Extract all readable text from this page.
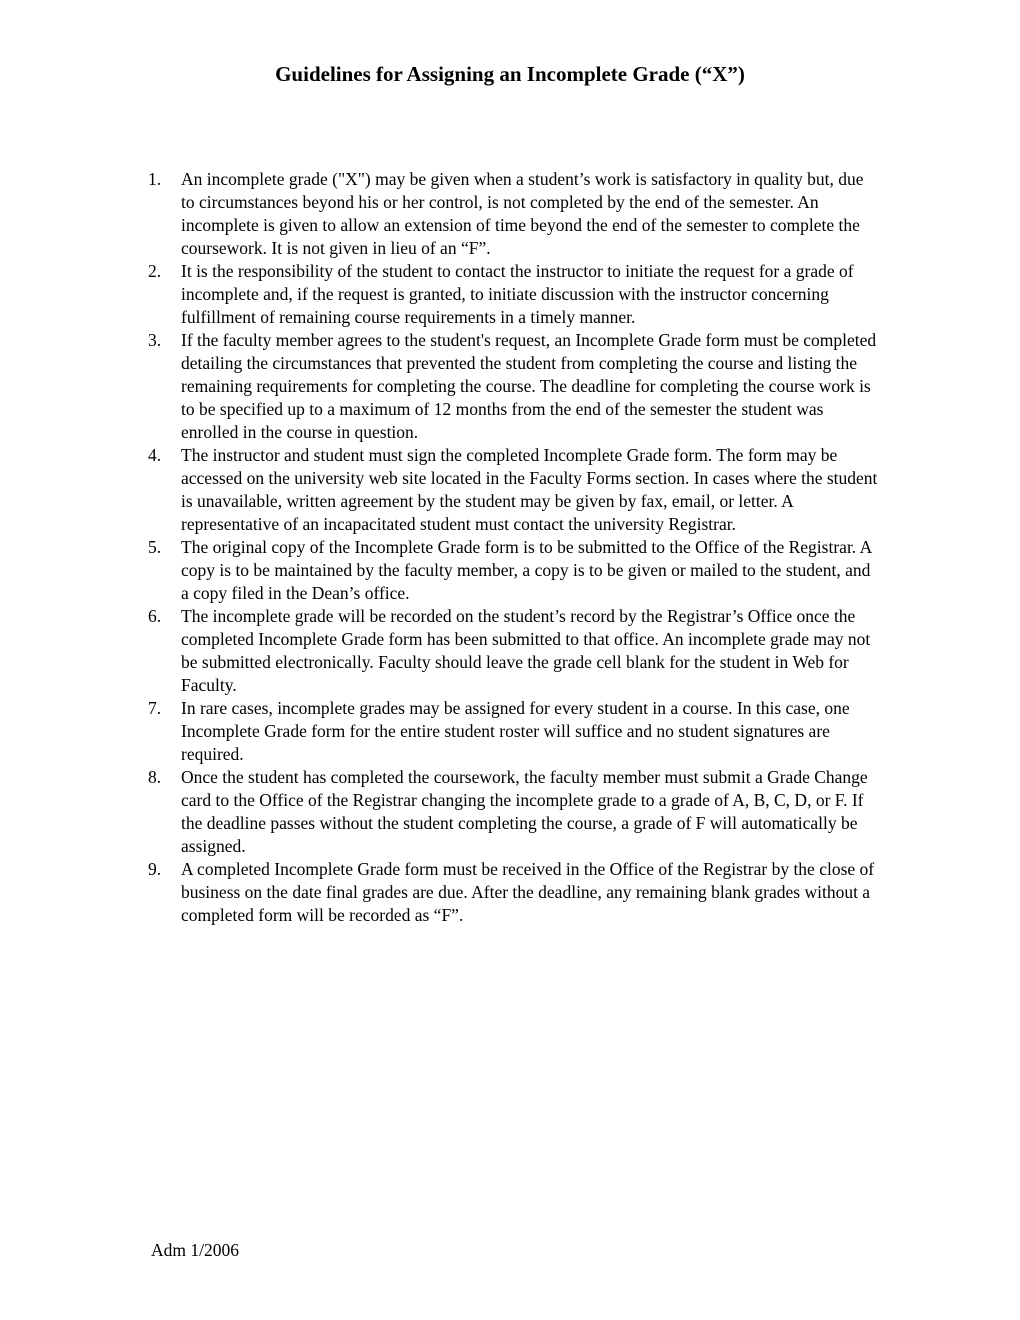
Guidelines for Assigning an Incomplete Grade (“X”)
1.	An incomplete grade ("X") may be given when a student’s work is satisfactory in quality but, due to circumstances beyond his or her control, is not completed by the end of the semester. An incomplete is given to allow an extension of time beyond the end of the semester to complete the coursework. It is not given in lieu of an “F”.
2.	It is the responsibility of the student to contact the instructor to initiate the request for a grade of incomplete and, if the request is granted, to initiate discussion with the instructor concerning fulfillment of remaining course requirements in a timely manner.
3.	If the faculty member agrees to the student's request, an Incomplete Grade form must be completed detailing the circumstances that prevented the student from completing the course and listing the remaining requirements for completing the course. The deadline for completing the course work is to be specified up to a maximum of 12 months from the end of the semester the student was enrolled in the course in question.
4.	The instructor and student must sign the completed Incomplete Grade form. The form may be accessed on the university web site located in the Faculty Forms section. In cases where the student is unavailable, written agreement by the student may be given by fax, email, or letter. A representative of an incapacitated student must contact the university Registrar.
5.	The original copy of the Incomplete Grade form is to be submitted to the Office of the Registrar. A copy is to be maintained by the faculty member, a copy is to be given or mailed to the student, and a copy filed in the Dean’s office.
6.	The incomplete grade will be recorded on the student’s record by the Registrar’s Office once the completed Incomplete Grade form has been submitted to that office. An incomplete grade may not be submitted electronically. Faculty should leave the grade cell blank for the student in Web for Faculty.
7.	In rare cases, incomplete grades may be assigned for every student in a course. In this case, one Incomplete Grade form for the entire student roster will suffice and no student signatures are required.
8.	Once the student has completed the coursework, the faculty member must submit a Grade Change card to the Office of the Registrar changing the incomplete grade to a grade of A, B, C, D, or F. If the deadline passes without the student completing the course, a grade of F will automatically be assigned.
9.	A completed Incomplete Grade form must be received in the Office of the Registrar by the close of business on the date final grades are due. After the deadline, any remaining blank grades without a completed form will be recorded as “F”.

Adm 1/2006
